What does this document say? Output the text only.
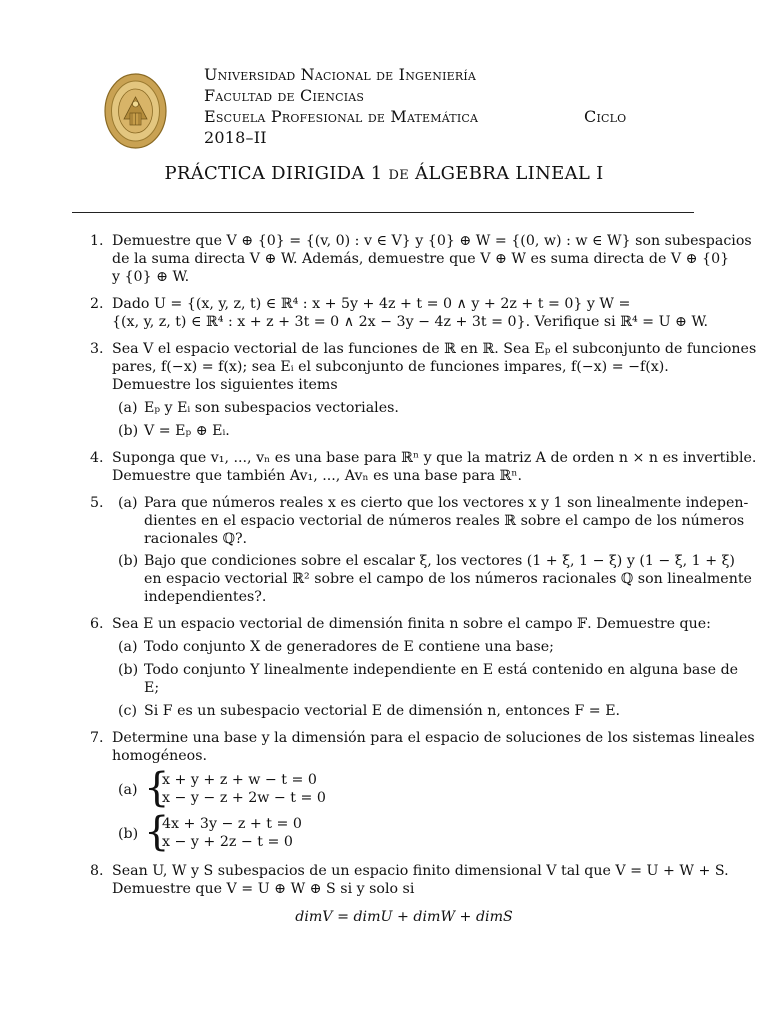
Universidad Nacional de Ingeniería
Facultad de Ciencias
Escuela Profesional de Matemática	Ciclo
2018–II
PRÁCTICA DIRIGIDA 1 de ÁLGEBRA LINEAL I
1. Demuestre que V ⊕ {0} = {(v, 0) : v ∈ V} y {0} ⊕ W = {(0, w) : w ∈ W} son subespacios
de la suma directa V ⊕ W. Además, demuestre que V ⊕ W es suma directa de V ⊕ {0}
y {0} ⊕ W.
2. Dado U = {(x, y, z, t) ∈ ℝ⁴ : x + 5y + 4z + t = 0 ∧ y + 2z + t = 0} y W =
{(x, y, z, t) ∈ ℝ⁴ : x + z + 3t = 0 ∧ 2x − 3y − 4z + 3t = 0}. Verifique si ℝ⁴ = U ⊕ W.
3. Sea V el espacio vectorial de las funciones de ℝ en ℝ. Sea Eₚ el subconjunto de funciones
pares, f(−x) = f(x); sea Eᵢ el subconjunto de funciones impares, f(−x) = −f(x).
Demuestre los siguientes items
(a) Eₚ y Eᵢ son subespacios vectoriales.
(b) V = Eₚ ⊕ Eᵢ.
4. Suponga que v₁, ..., vₙ es una base para ℝⁿ y que la matriz A de orden n × n es invertible.
Demuestre que también Av₁, ..., Avₙ es una base para ℝⁿ.
5. (a) Para que números reales x es cierto que los vectores x y 1 son linealmente indepen-
dientes en el espacio vectorial de números reales ℝ sobre el campo de los números
racionales ℚ?.
(b) Bajo que condiciones sobre el escalar ξ, los vectores (1 + ξ, 1 − ξ) y (1 − ξ, 1 + ξ)
en espacio vectorial ℝ² sobre el campo de los números racionales ℚ son linealmente
independientes?.
6. Sea E un espacio vectorial de dimensión finita n sobre el campo 𝔽. Demuestre que:
(a) Todo conjunto X de generadores de E contiene una base;
(b) Todo conjunto Y linealmente independiente en E está contenido en alguna base de
E;
(c) Si F es un subespacio vectorial E de dimensión n, entonces F = E.
7. Determine una base y la dimensión para el espacio de soluciones de los sistemas lineales
homogéneos.
(a) {
x + y + z + w − t = 0
x − y − z + 2w − t = 0
(b) {
4x + 3y − z + t = 0
x − y + 2z − t = 0
8. Sean U, W y S subespacios de un espacio finito dimensional V tal que V = U + W + S.
Demuestre que V = U ⊕ W ⊕ S si y solo si
dimV = dimU + dimW + dimS
